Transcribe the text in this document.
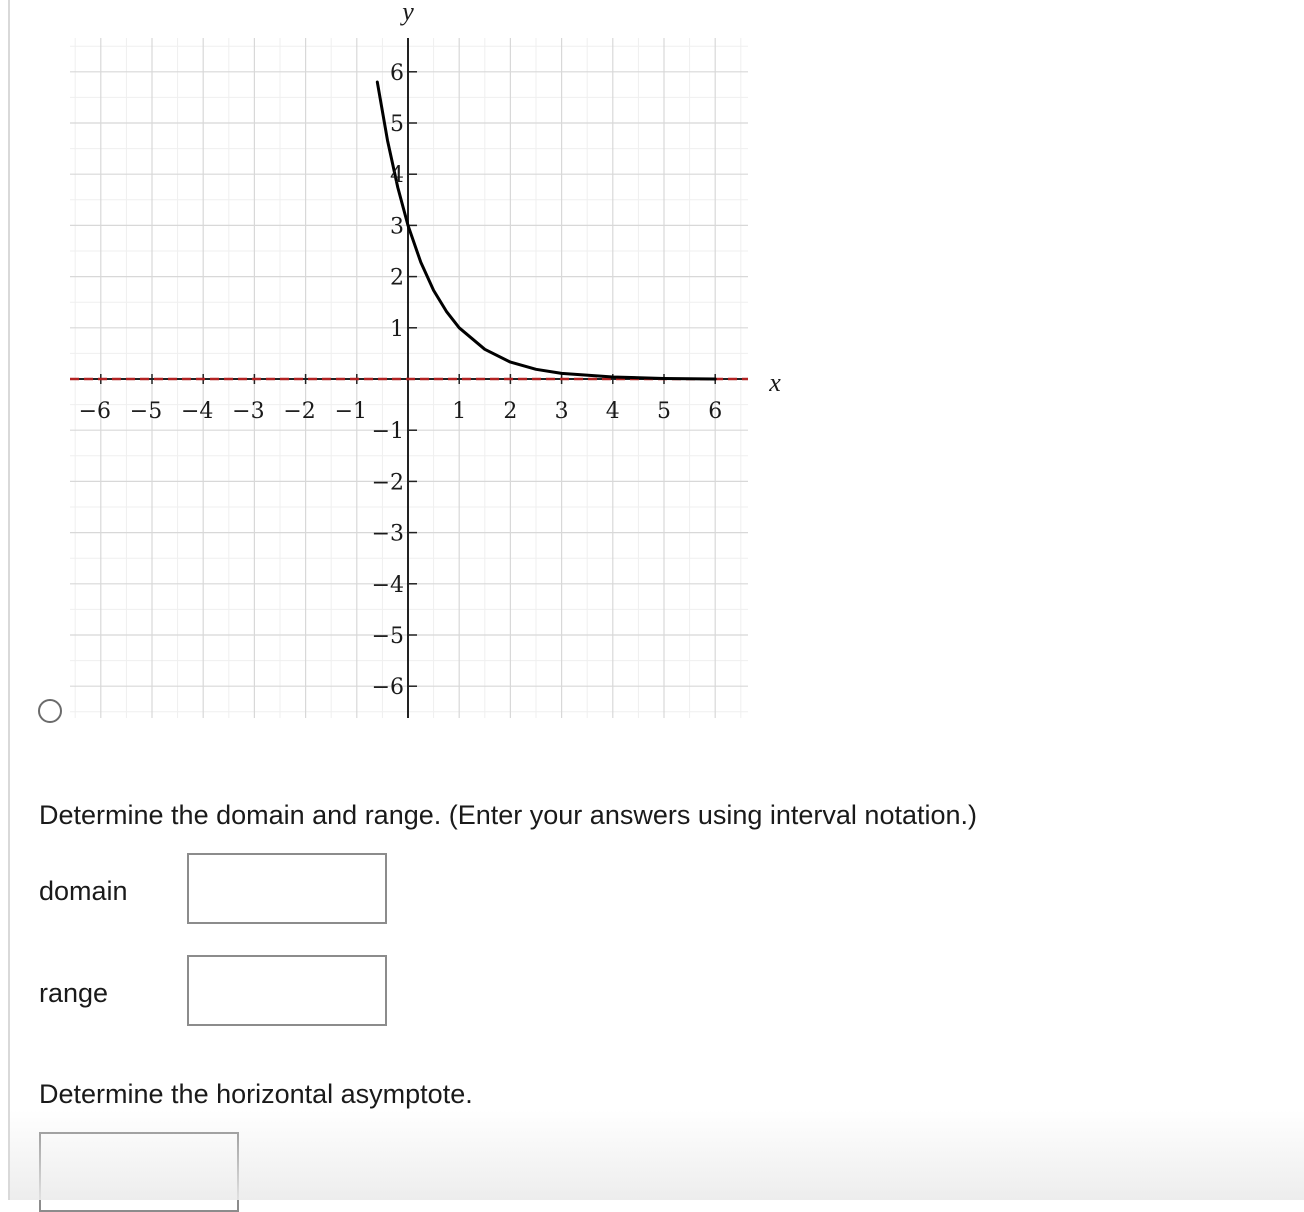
−6 −5 −4 −3 −2 −1	1 2 3 4 5 6
6
5
4
3
2
1
−1
−2
−3
−4
−5
−6
x
y
Determine the domain and range. (Enter your answers using interval notation.)
domain
range
Determine the horizontal asymptote.
